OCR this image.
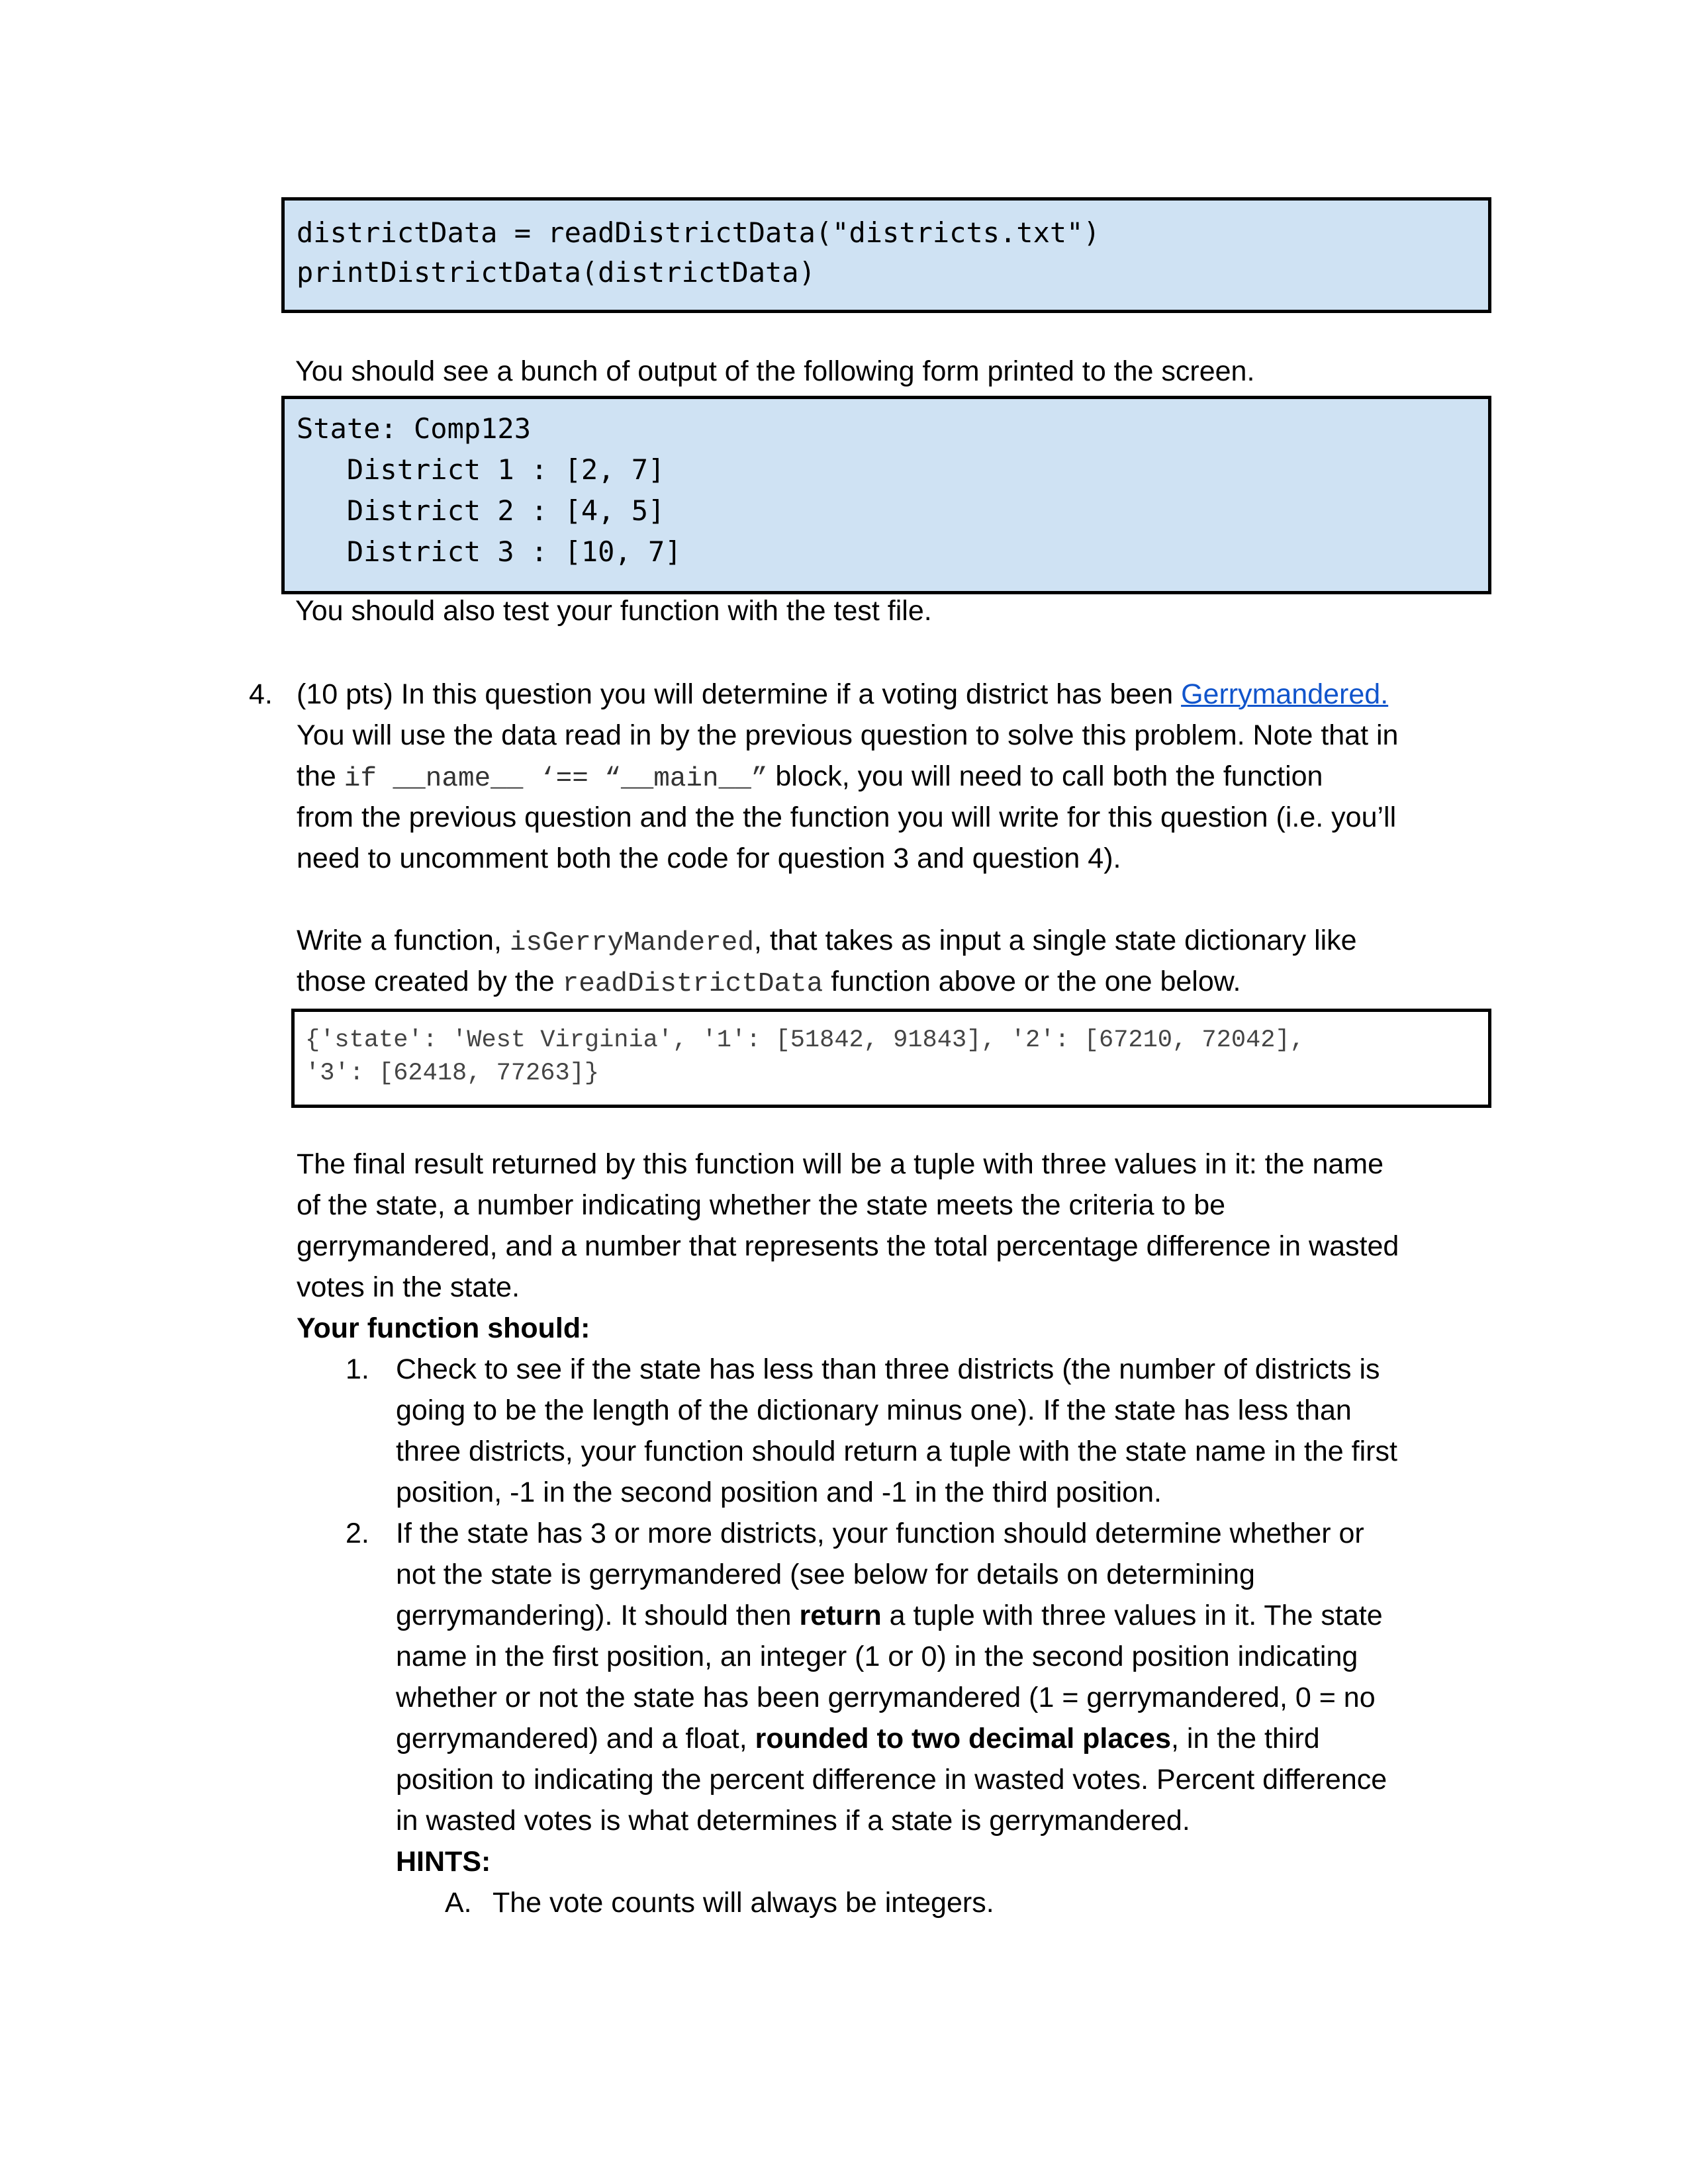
districtData = readDistrictData("districts.txt")
printDistrictData(districtData)
You should see a bunch of output of the following form printed to the screen.
State: Comp123
District 1 : [2, 7]
District 2 : [4, 5]
District 3 : [10, 7]
You should also test your function with the test file.
4. (10 pts) In this question you will determine if a voting district has been Gerrymandered.
You will use the data read in by the previous question to solve this problem. Note that in
the if __name__ ‘== “__main__” block, you will need to call both the function
from the previous question and the the function you will write for this question (i.e. you’ll
need to uncomment both the code for question 3 and question 4).
Write a function, isGerryMandered, that takes as input a single state dictionary like
those created by the readDistrictData function above or the one below.
{'state': 'West Virginia', '1': [51842, 91843], '2': [67210, 72042],
'3': [62418, 77263]}
The final result returned by this function will be a tuple with three values in it: the name
of the state, a number indicating whether the state meets the criteria to be
gerrymandered, and a number that represents the total percentage difference in wasted
votes in the state.
Your function should:
1. Check to see if the state has less than three districts (the number of districts is
going to be the length of the dictionary minus one). If the state has less than
three districts, your function should return a tuple with the state name in the first
position, -1 in the second position and -1 in the third position.
2. If the state has 3 or more districts, your function should determine whether or
not the state is gerrymandered (see below for details on determining
gerrymandering). It should then return a tuple with three values in it. The state
name in the first position, an integer (1 or 0) in the second position indicating
whether or not the state has been gerrymandered (1 = gerrymandered, 0 = no
gerrymandered) and a float, rounded to two decimal places, in the third
position to indicating the percent difference in wasted votes. Percent difference
in wasted votes is what determines if a state is gerrymandered.
HINTS:
A. The vote counts will always be integers.
